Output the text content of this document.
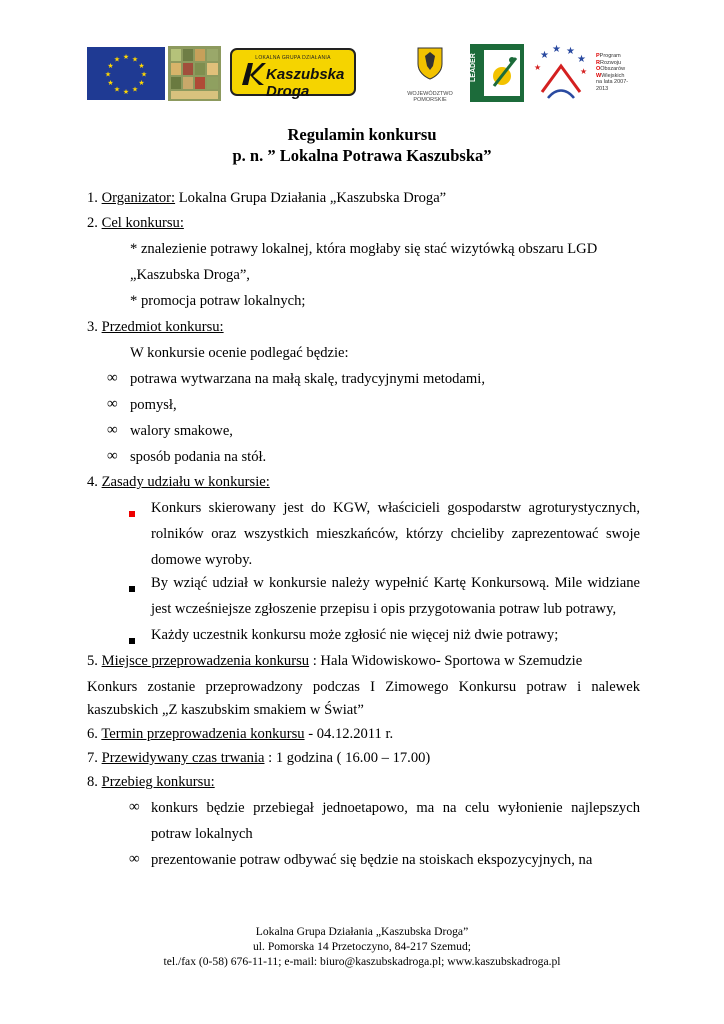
★ ★
★
★
★
★
★
★
★
★
★
★	LOKALNA GRUPA DZIAŁANIA
Kaszubska Droga	WOJEWÓDZTWO POMORSKIE
LEADER	★
★ ★
★
★	★
PProgram
RRozwoju
OObszarów
WWiejskich
na lata 2007-2013
Regulamin konkursu
p. n. ” Lokalna Potrawa Kaszubska”
1. Organizator: Lokalna Grupa Działania „Kaszubska Droga”
2. Cel konkursu:
* znalezienie potrawy lokalnej, która mogłaby się stać wizytówką obszaru LGD
„Kaszubska Droga”,
* promocja potraw lokalnych;
3. Przedmiot konkursu:
W konkursie ocenie podlegać będzie:
∞ potrawa wytwarzana na małą skalę, tradycyjnymi metodami,
∞ pomysł,
∞ walory smakowe,
∞ sposób podania na stół.
4. Zasady udziału w konkursie:
Konkurs skierowany jest do KGW, właścicieli gospodarstw agroturystycznych,
rolników oraz wszystkich mieszkańców, którzy chcieliby zaprezentować swoje
domowe wyroby.
By wziąć udział w konkursie należy wypełnić Kartę Konkursową. Mile widziane
jest wcześniejsze zgłoszenie przepisu i opis przygotowania potraw lub potrawy,
Każdy uczestnik konkursu może zgłosić nie więcej niż dwie potrawy;
5. Miejsce przeprowadzenia konkursu : Hala Widowiskowo- Sportowa w Szemudzie
Konkurs zostanie przeprowadzony podczas I Zimowego Konkursu potraw i nalewek
kaszubskich „Z kaszubskim smakiem w Świat”
6. Termin przeprowadzenia konkursu - 04.12.2011 r.
7. Przewidywany czas trwania : 1 godzina ( 16.00 – 17.00)
8. Przebieg konkursu:
∞ konkurs będzie przebiegał jednoetapowo, ma na celu wyłonienie najlepszych
potraw lokalnych
∞ prezentowanie potraw odbywać się będzie na stoiskach ekspozycyjnych, na
Lokalna Grupa Działania „Kaszubska Droga”
ul. Pomorska 14 Przetoczyno, 84-217 Szemud;
tel./fax (0-58) 676-11-11; e-mail: biuro@kaszubskadroga.pl; www.kaszubskadroga.pl
